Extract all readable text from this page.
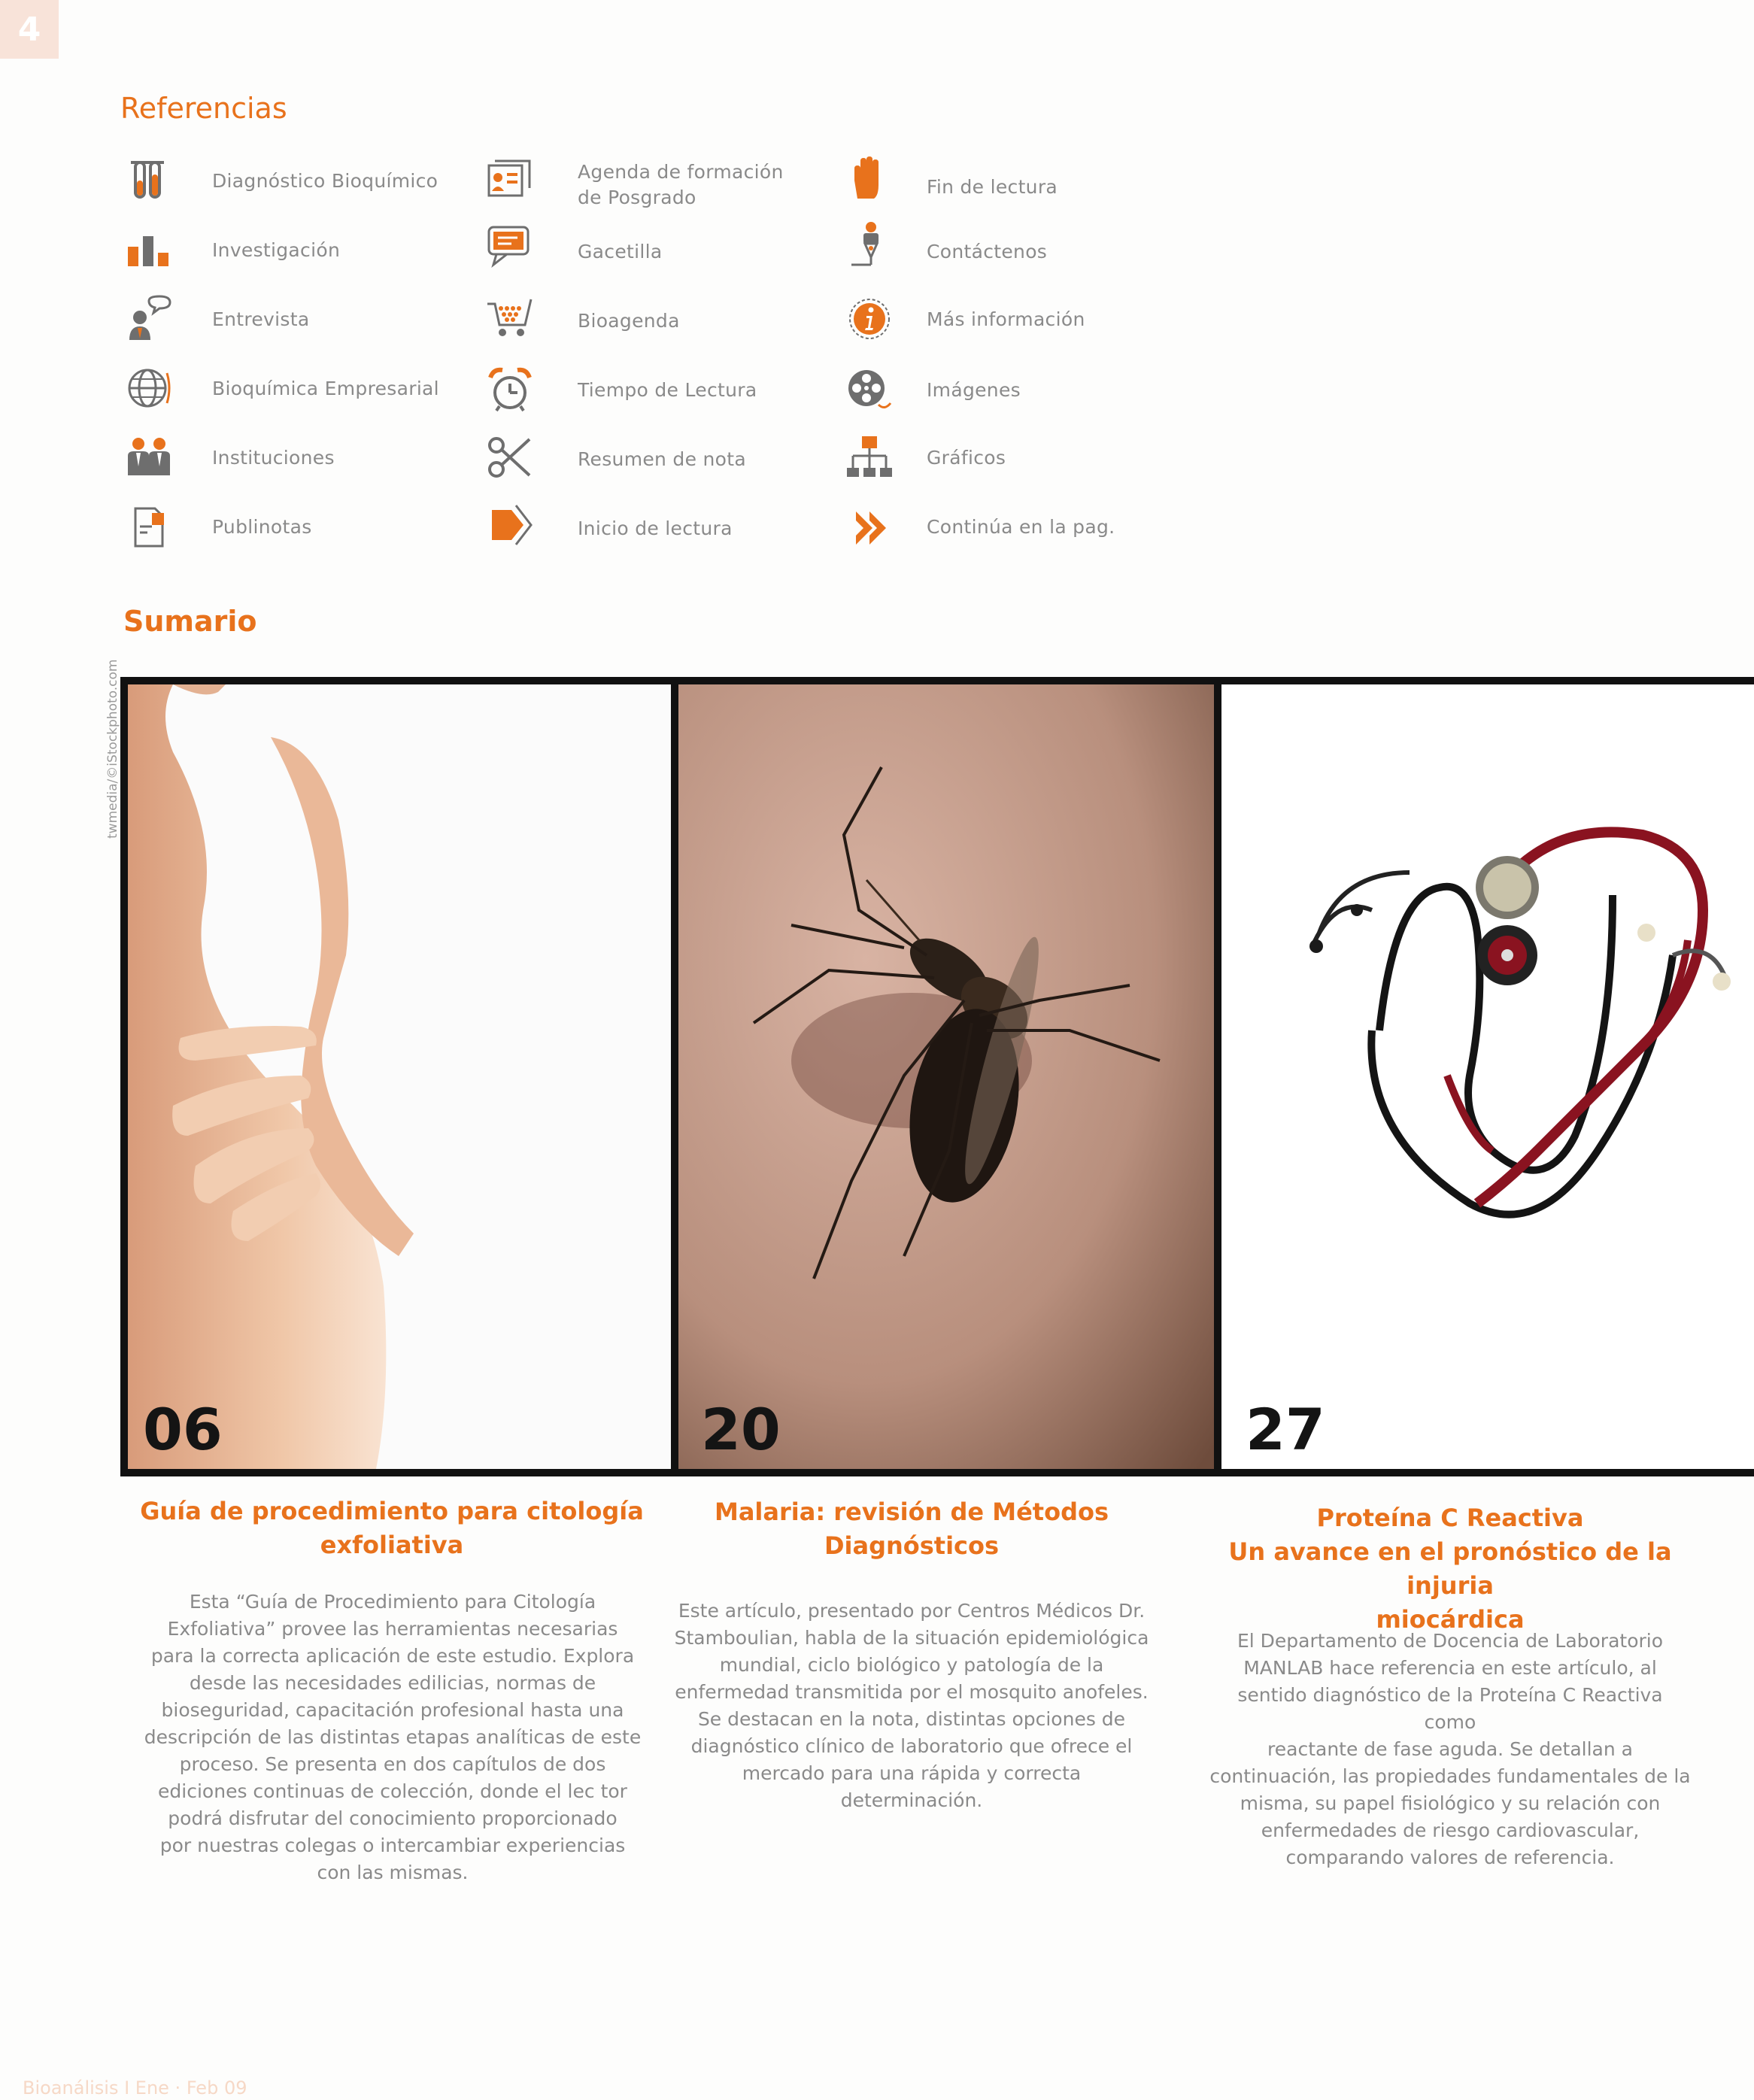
4
Referencias
Diagnóstico Bioquímico
Investigación
Entrevista
Bioquímica Empresarial
Instituciones
Publinotas
Agenda de formación
de Posgrado
Gacetilla
Bioagenda
Tiempo de Lectura
Resumen de nota
Inicio de lectura
Fin de lectura
Contáctenos
Más información
Imágenes
Gráficos
Continúa en la pag.
Sumario
twmedia/©iStockphoto.com
06	20	27
Guía de procedimiento para citología
exfoliativa
Esta “Guía de Procedimiento para Citología
Exfoliativa” provee las herramientas necesarias
para la correcta aplicación de este estudio. Explora
desde las necesidades edilicias, normas de
bioseguridad, capacitación profesional hasta una
descripción de las distintas etapas analíticas de este
proceso. Se presenta en dos capítulos de dos
ediciones continuas de colección, donde el lec tor
podrá disfrutar del conocimiento proporcionado
por nuestras colegas o intercambiar experiencias
con las mismas.
Malaria: revisión de Métodos
Diagnósticos
Este artículo, presentado por Centros Médicos Dr.
Stamboulian, habla de la situación epidemiológica
mundial, ciclo biológico y patología de la
enfermedad transmitida por el mosquito anofeles.
Se destacan en la nota, distintas opciones de
diagnóstico clínico de laboratorio que ofrece el
mercado para una rápida y correcta determinación.
Proteína C Reactiva
Un avance en el pronóstico de la injuria
miocárdica
El Departamento de Docencia de Laboratorio
MANLAB hace referencia en este artículo, al
sentido diagnóstico de la Proteína C Reactiva como
reactante de fase aguda. Se detallan a
continuación, las propiedades fundamentales de la
misma, su papel fisiológico y su relación con
enfermedades de riesgo cardiovascular,
comparando valores de referencia.
Bioanálisis I Ene · Feb 09
